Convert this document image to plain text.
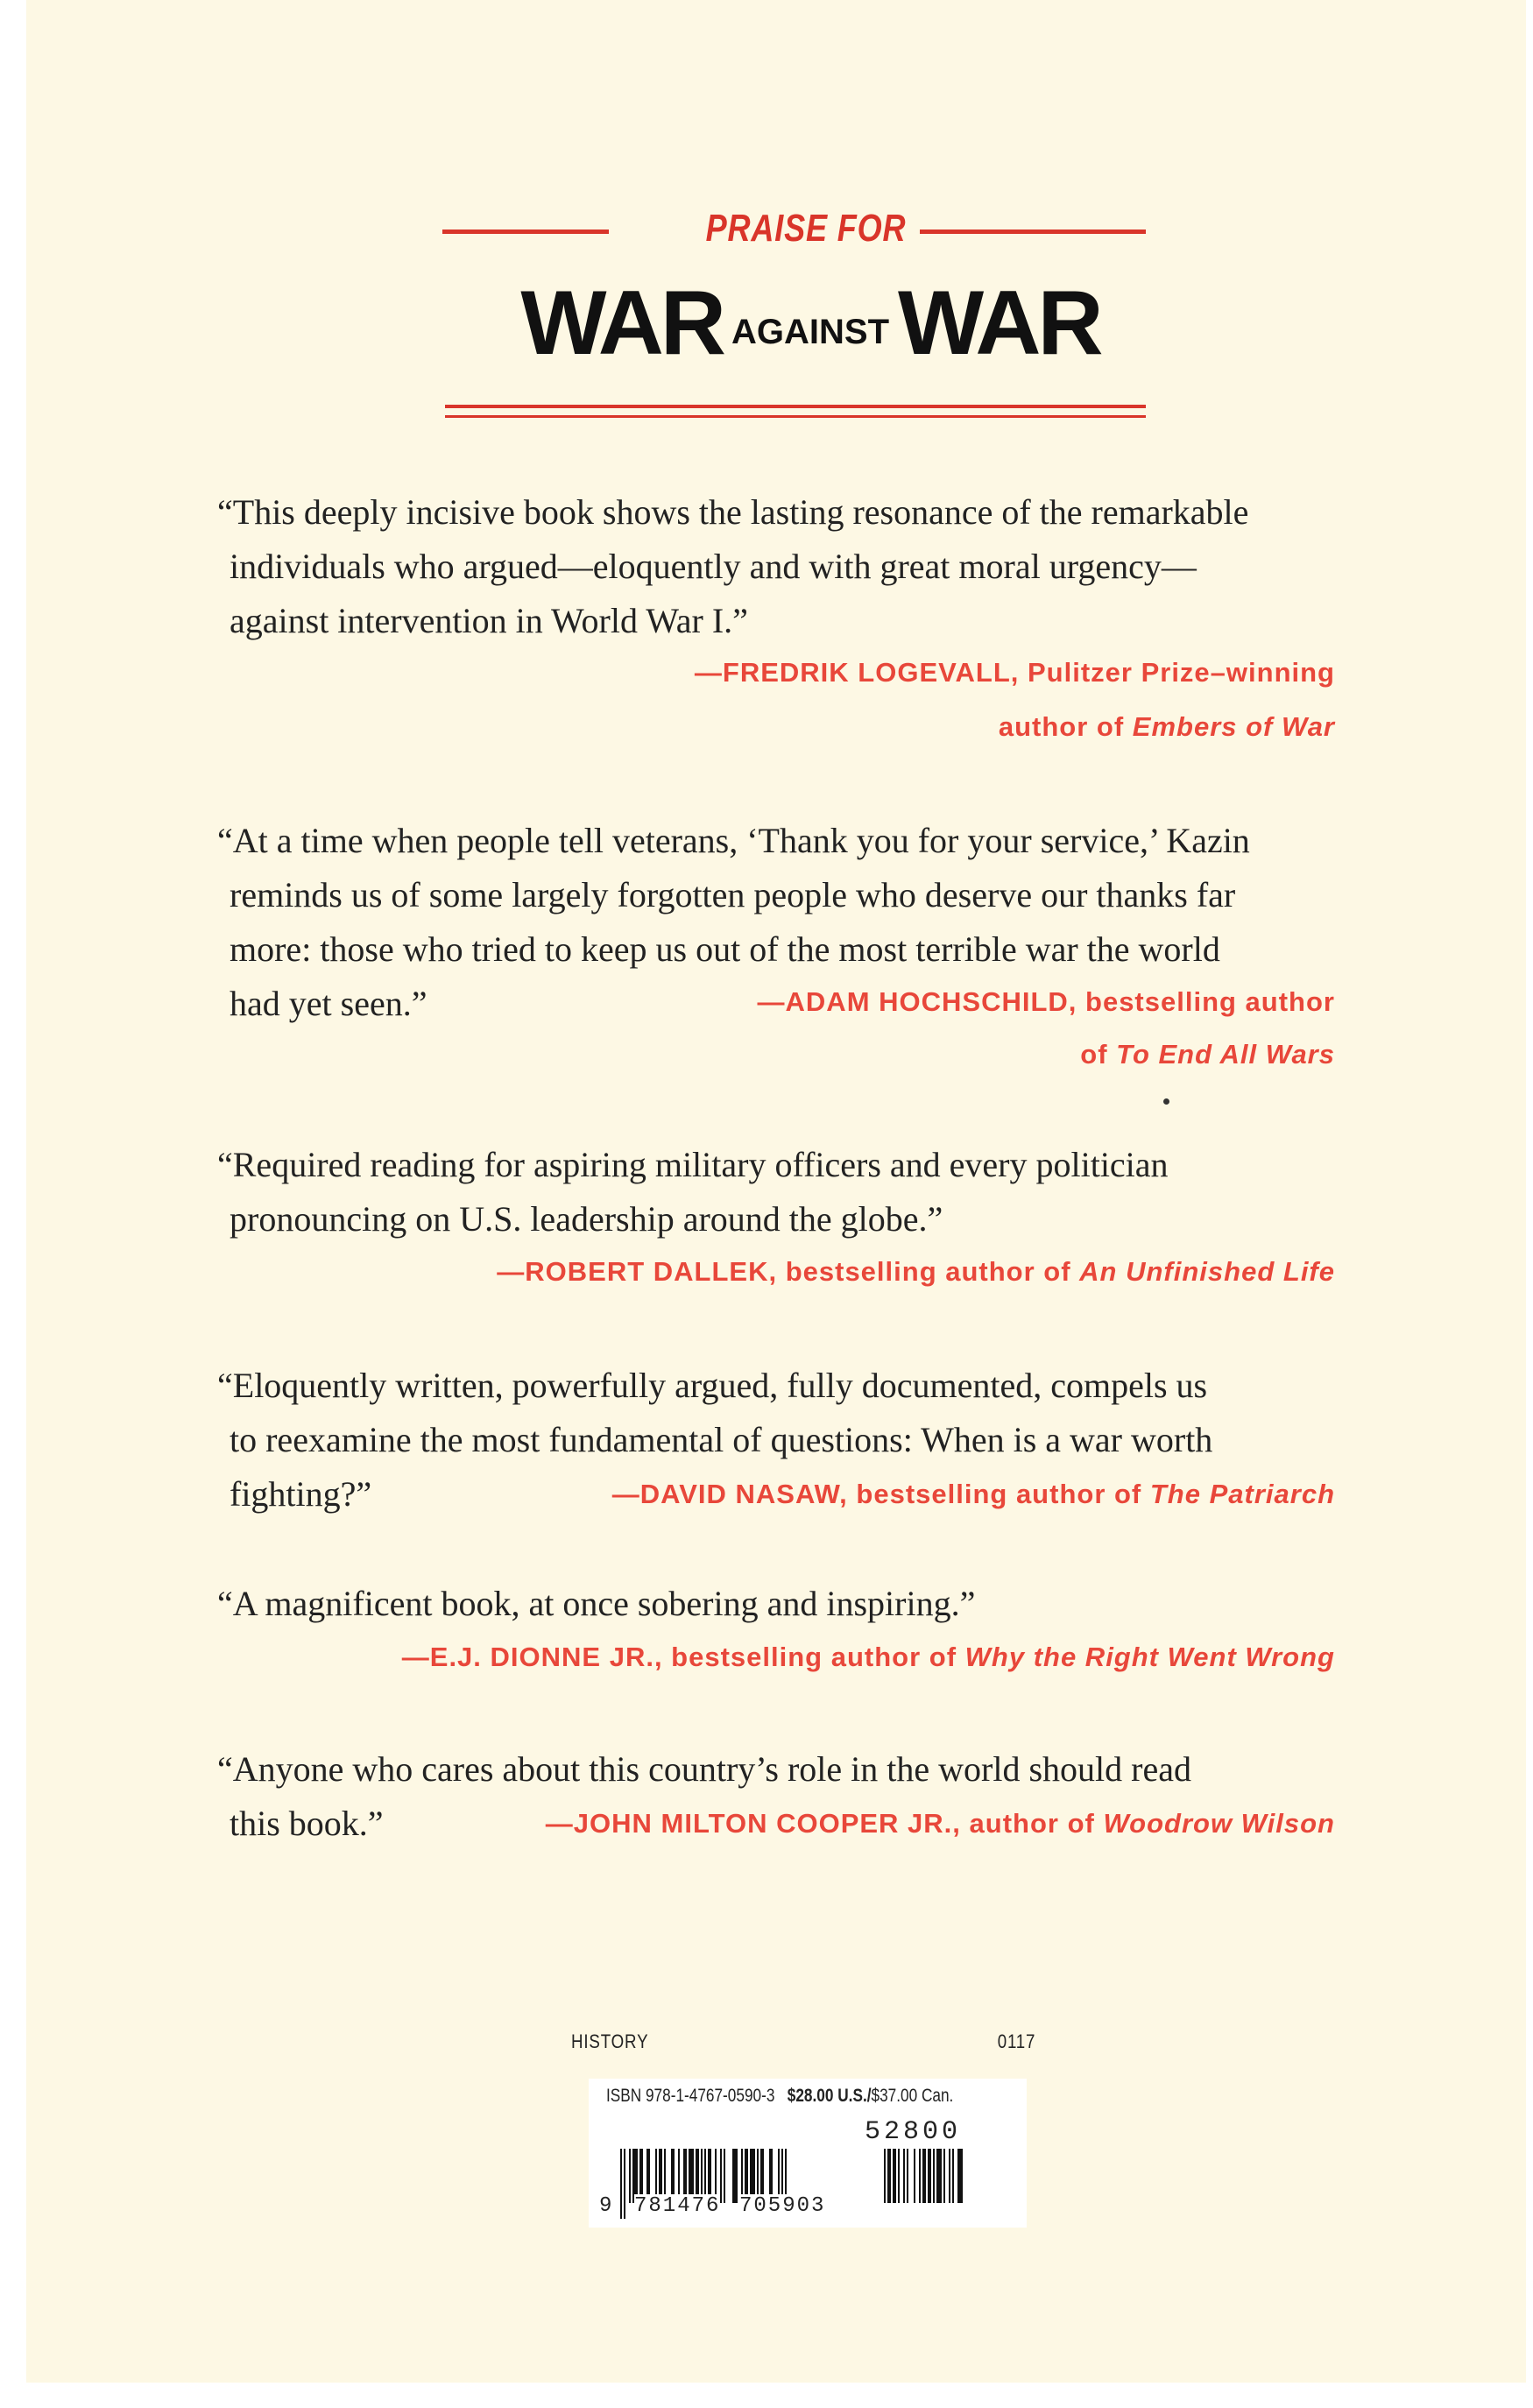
PRAISE FOR
WAR AGAINSTWAR
“This deeply incisive book shows the lasting resonance of the remarkable
individuals who argued—eloquently and with great moral urgency—
against intervention in World War I.”
—FREDRIK LOGEVALL, Pulitzer Prize–winning
author of Embers of War
“At a time when people tell veterans, ‘Thank you for your service,’ Kazin
reminds us of some largely forgotten people who deserve our thanks far
more: those who tried to keep us out of the most terrible war the world
had yet seen.”	—ADAM HOCHSCHILD, bestselling author
of To End All Wars
“Required reading for aspiring military officers and every politician
pronouncing on U.S. leadership around the globe.”
—ROBERT DALLEK, bestselling author of An Unfinished Life
“Eloquently written, powerfully argued, fully documented, compels us
to reexamine the most fundamental of questions: When is a war worth
fighting?”	—DAVID NASAW, bestselling author of The Patriarch
“A magnificent book, at once sobering and inspiring.”
—E.J. DIONNE JR., bestselling author of Why the Right Went Wrong
“Anyone who cares about this country’s role in the world should read
this book.”	—JOHN MILTON COOPER JR., author of Woodrow Wilson
HISTORY	0117
ISBN 978-1-4767-0590-3 $28.00 U.S./$37.00 Can.
52800
9 781476 705903
